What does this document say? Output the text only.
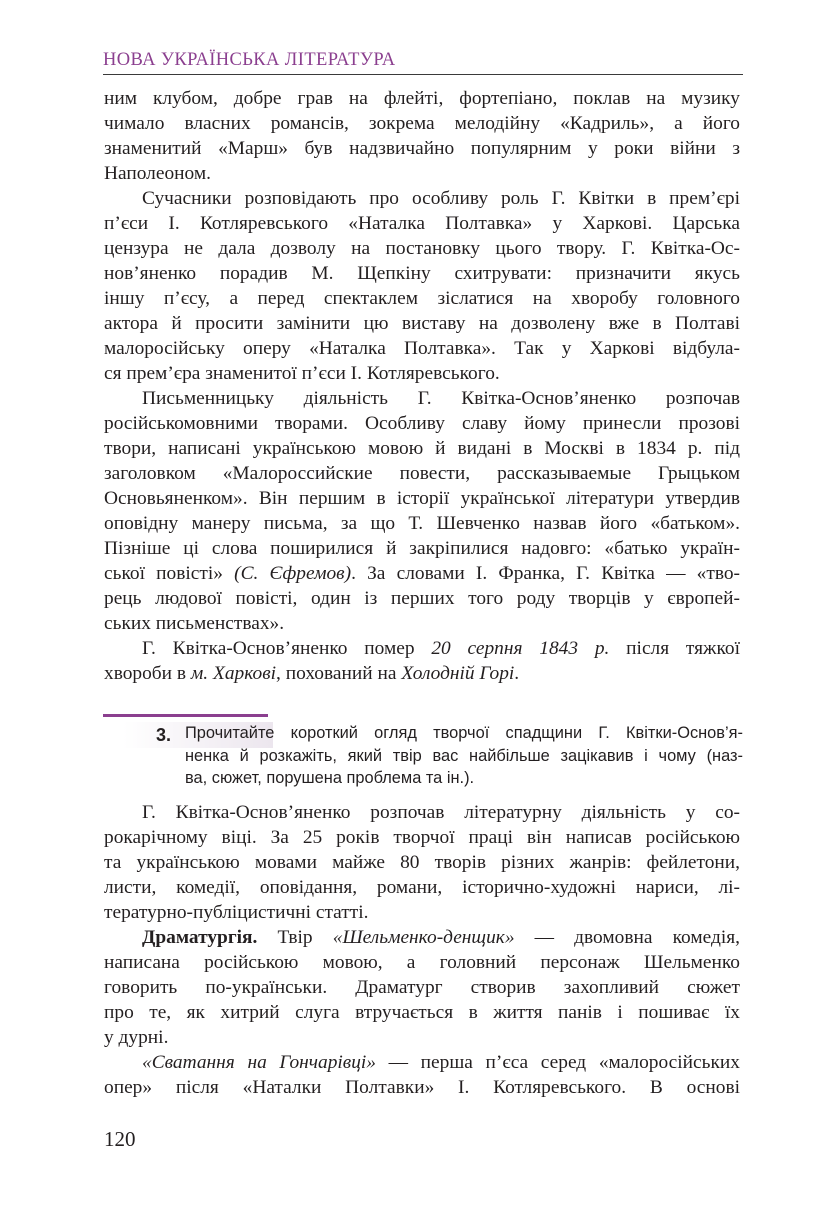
НОВА УКРАЇНСЬКА ЛІТЕРАТУРА
ним клубом, добре грав на флейті, фортепіано, поклав на музику
чимало власних романсів, зокрема мелодійну «Кадриль», а його
знаменитий «Марш» був надзвичайно популярним у роки війни з
Наполеоном.
Сучасники розповідають про особливу роль Г. Квітки в прем’єрі
п’єси І. Котляревського «Наталка Полтавка» у Харкові. Царська
цензура не дала дозволу на постановку цього твору. Г. Квітка-Ос-
нов’яненко порадив М. Щепкіну схитрувати: призначити якусь
іншу п’єсу, а перед спектаклем зіслатися на хворобу головного
актора й просити замінити цю виставу на дозволену вже в Полтаві
малоросійську оперу «Наталка Полтавка». Так у Харкові відбула-
ся прем’єра знаменитої п’єси І. Котляревського.
Письменницьку діяльність Г. Квітка-Основ’яненко розпочав
російськомовними творами. Особливу славу йому принесли прозові
твори, написані українською мовою й видані в Москві в 1834 р. під
заголовком «Малороссийские повести, рассказываемые Грыцьком
Основьяненком». Він першим в історії української літератури утвердив
оповідну манеру письма, за що Т. Шевченко назвав його «батьком».
Пізніше ці слова поширилися й закріпилися надовго: «батько україн-
ської повісті» (С. Єфремов). За словами І. Франка, Г. Квітка — «тво-
рець людової повісті, один із перших того роду творців у європей-
ських письменствах».
Г. Квітка-Основ’яненко помер 20 серпня 1843 р. після тяжкої
хвороби в м. Харкові, похований на Холодній Горі.
3. Прочитайте короткий огляд творчої спадщини Г. Квітки-Основ’я-
ненка й розкажіть, який твір вас найбільше зацікавив і чому (наз-
ва, сюжет, порушена проблема та ін.).
Г. Квітка-Основ’яненко розпочав літературну діяльність у со-
рокарічному віці. За 25 років творчої праці він написав російською
та українською мовами майже 80 творів різних жанрів: фейлетони,
листи, комедії, оповідання, романи, історично-художні нариси, лі-
тературно-публіцистичні статті.
Драматургія. Твір «Шельменко-денщик» — двомовна комедія,
написана російською мовою, а головний персонаж Шельменко
говорить по-українськи. Драматург створив захопливий сюжет
про те, як хитрий слуга втручається в життя панів і пошиває їх
у дурні.
«Сватання на Гончарівці» — перша п’єса серед «малоросійських
опер» після «Наталки Полтавки» І. Котляревського. В основі
120
